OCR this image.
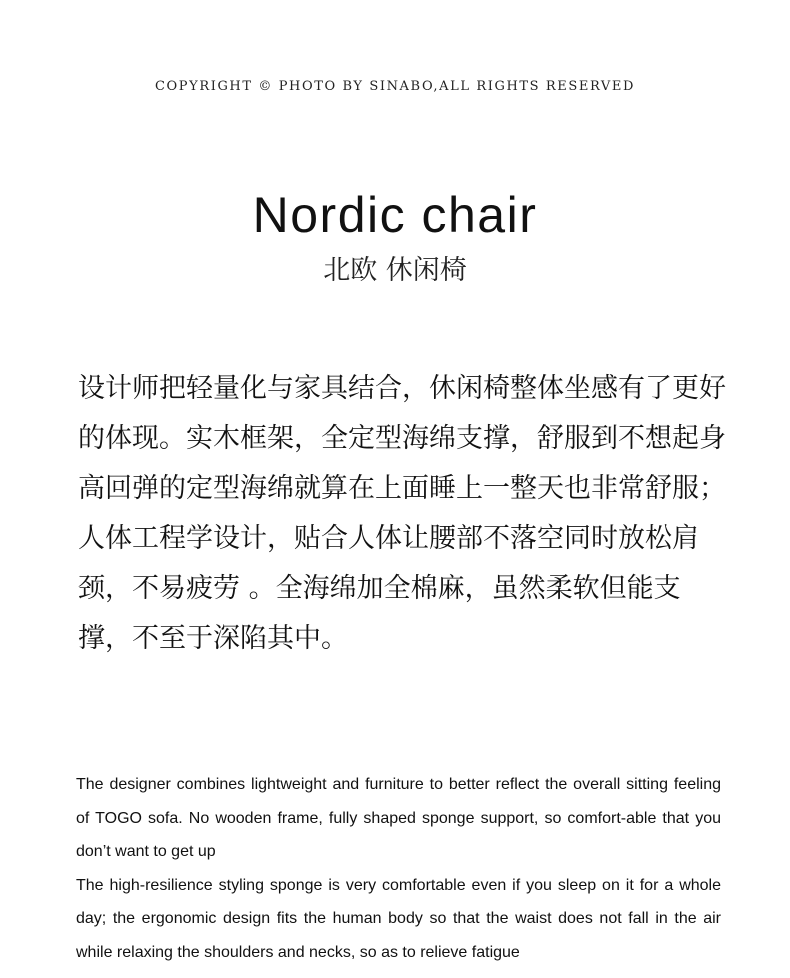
COPYRIGHT © PHOTO BY SINABO,ALL RIGHTS RESERVED
Nordic chair
北欧 休闲椅

设计师把轻量化与家具结合，休闲椅整体坐感有了更好的体现。实木框架，全定型海绵支撑，舒服到不想起身

高回弹的定型海绵就算在上面睡上一整天也非常舒服；人体工程学设计，贴合人体让腰部不落空同时放松肩颈，不易疲劳 。全海绵加全棉麻，虽然柔软但能支撑，不至于深陷其中。

The designer combines lightweight and furniture to better reflect the overall sitting feeling of TOGO sofa. No wooden frame, fully shaped sponge support, so comfort-able that you don’t want to get up

The high-resilience styling sponge is very comfortable even if you sleep on it for a whole day; the ergonomic design fits the human body so that the waist does not fall in the air while relaxing the shoulders and necks, so as to relieve fatigue
